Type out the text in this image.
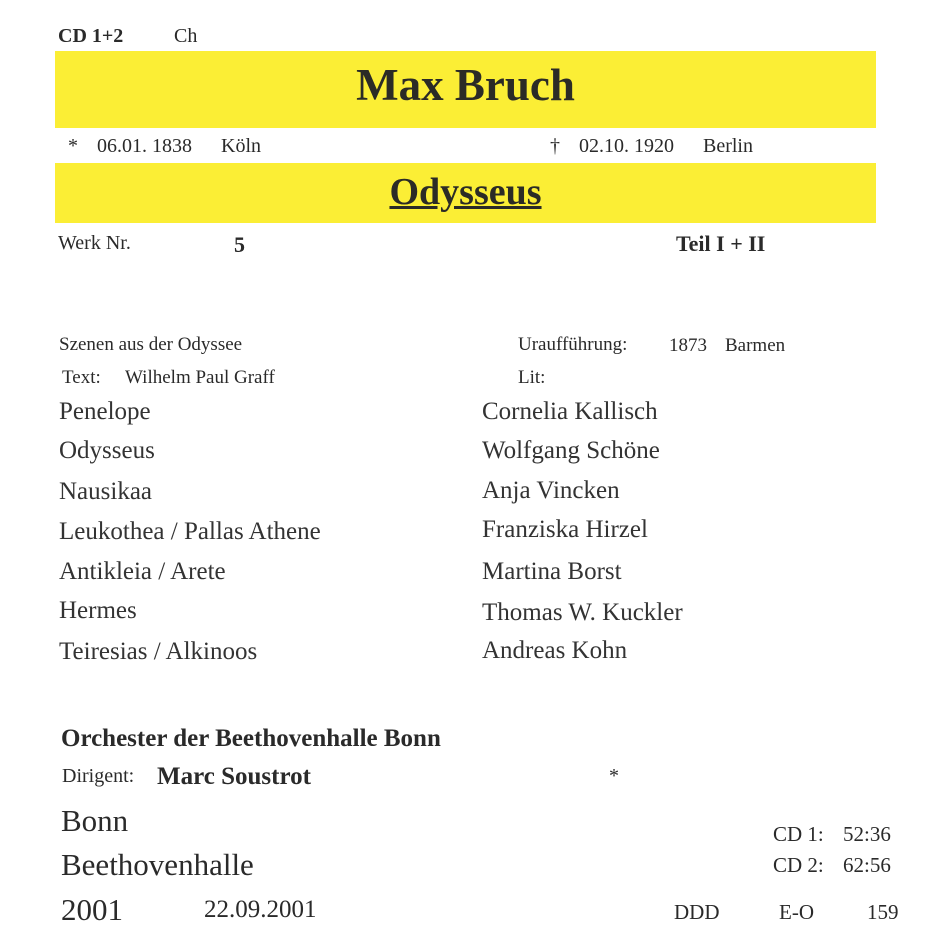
CD 1+2	Ch
Max Bruch
* 06.01. 1838 Köln	† 02.10. 1920 Berlin
Odysseus
Werk Nr.	5	Teil I + II
Szenen aus der Odyssee
Text: Wilhelm Paul Graff
Uraufführung: 1873 Barmen
Lit:
Penelope	Cornelia Kallisch
Odysseus	Wolfgang Schöne
Nausikaa	Anja Vincken
Leukothea / Pallas Athene	Franziska Hirzel
Antikleia / Arete	Martina Borst
Hermes	Thomas W. Kuckler
Teiresias / Alkinoos	Andreas Kohn
Orchester der Beethovenhalle Bonn
Dirigent: Marc Soustrot	*
Bonn
Beethovenhalle
2001	22.09.2001
CD 1: 52:36
CD 2: 62:56
DDD	E-O	159
